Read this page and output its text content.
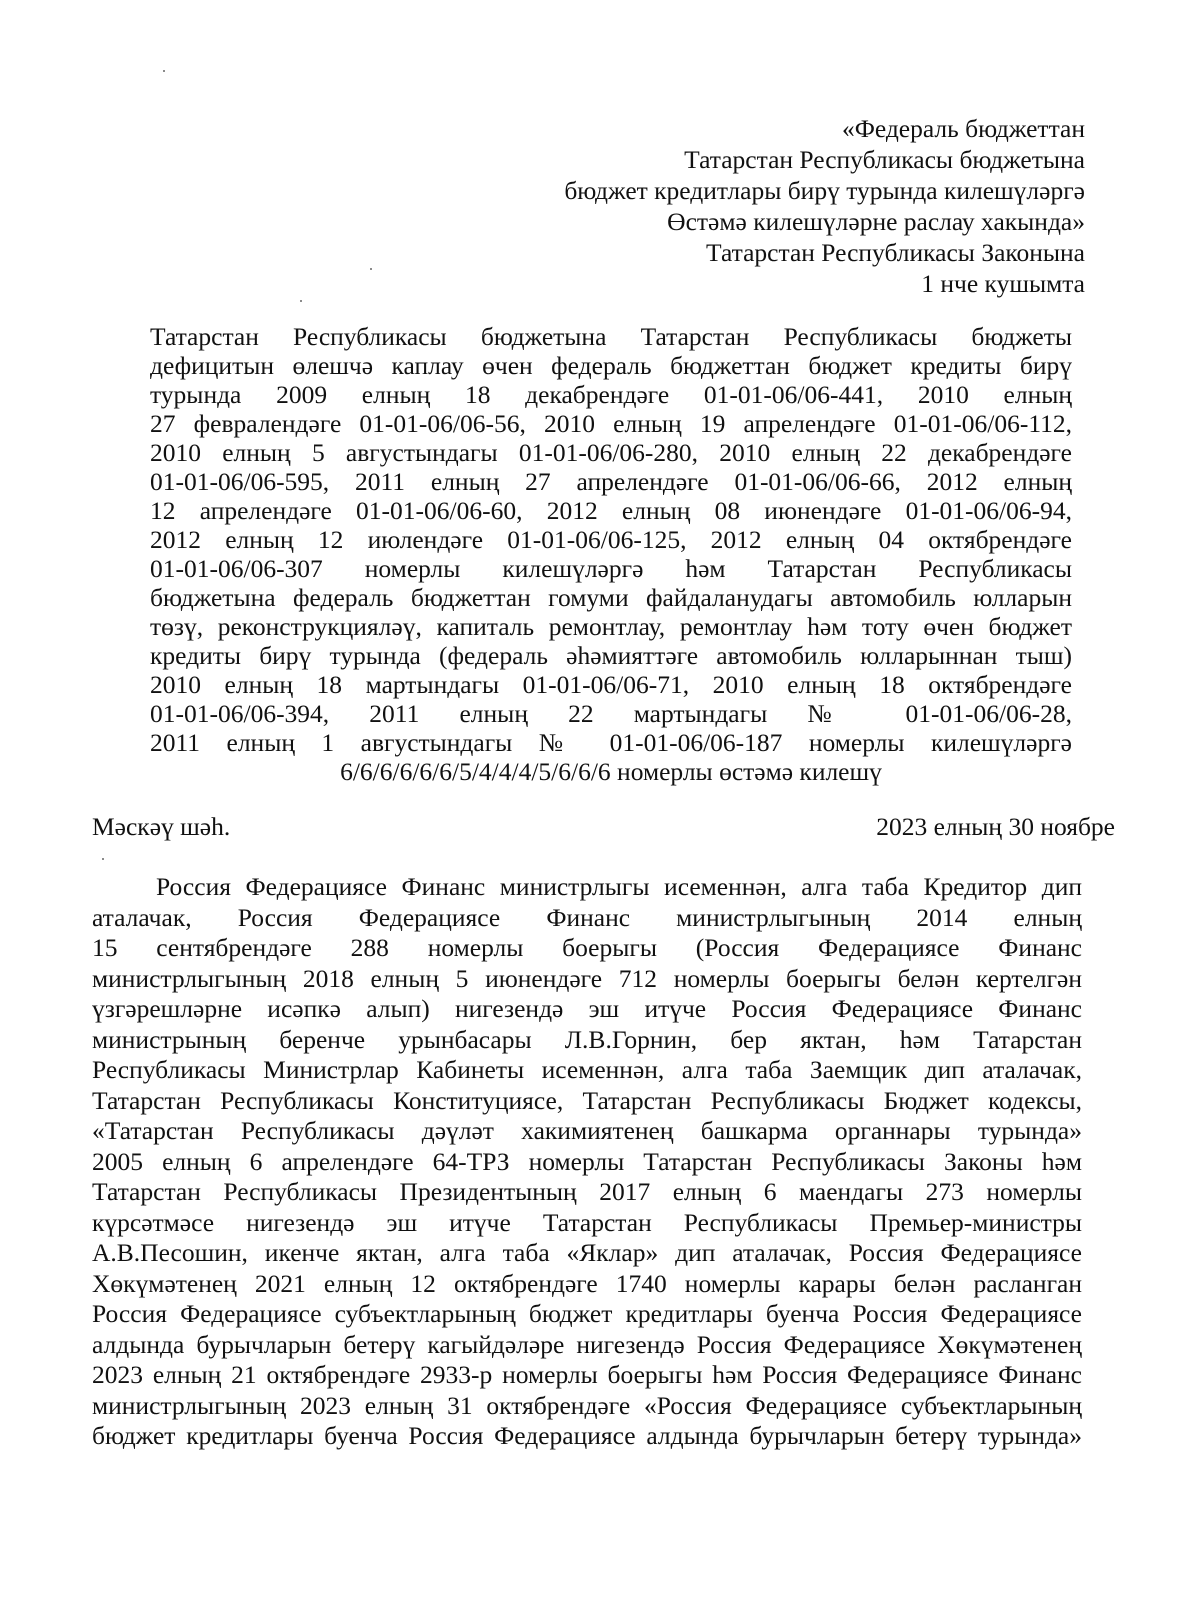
«Федераль бюджеттан
Татарстан Республикасы бюджетына
бюджет кредитлары бирү турында килешүләргә
Өстәмә килешүләрне раслау хакында»
Татарстан Республикасы Законына
1 нче кушымта
Татарстан Республикасы бюджетына Татарстан Республикасы бюджеты
дефицитын өлешчә каплау өчен федераль бюджеттан бюджет кредиты бирү
турында 2009 елның 18 декабрендәге 01-01-06/06-441, 2010 елның
27 февралендәге 01-01-06/06-56, 2010 елның 19 апрелендәге 01-01-06/06-112,
2010 елның 5 августындагы 01-01-06/06-280, 2010 елның 22 декабрендәге
01-01-06/06-595, 2011 елның 27 апрелендәге 01-01-06/06-66, 2012 елның
12 апрелендәге 01-01-06/06-60, 2012 елның 08 июнендәге 01-01-06/06-94,
2012 елның 12 июлендәге 01-01-06/06-125, 2012 елның 04 октябрендәге
01-01-06/06-307 номерлы килешүләргә һәм Татарстан Республикасы
бюджетына федераль бюджеттан гомуми файдаланудагы автомобиль юлларын
төзү, реконструкцияләү, капиталь ремонтлау, ремонтлау һәм тоту өчен бюджет
кредиты бирү турында (федераль әһәмияттәге автомобиль юлларыннан тыш)
2010 елның 18 мартындагы 01-01-06/06-71, 2010 елның 18 октябрендәге
01-01-06/06-394, 2011 елның 22 мартындагы № 01-01-06/06-28,
2011 елның 1 августындагы № 01-01-06/06-187 номерлы килешүләргә
6/6/6/6/6/6/5/4/4/4/5/6/6/6 номерлы өстәмә килешү
Мәскәү шәһ.	2023 елның 30 ноябре
Россия Федерациясе Финанс министрлыгы исеменнән, алга таба Кредитор дип
аталачак, Россия Федерациясе Финанс министрлыгының 2014 елның
15 сентябрендәге 288 номерлы боерыгы (Россия Федерациясе Финанс
министрлыгының 2018 елның 5 июнендәге 712 номерлы боерыгы белән кертелгән
үзгәрешләрне исәпкә алып) нигезендә эш итүче Россия Федерациясе Финанс
министрының беренче урынбасары Л.В.Горнин, бер яктан, һәм Татарстан
Республикасы Министрлар Кабинеты исеменнән, алга таба Заемщик дип аталачак,
Татарстан Республикасы Конституциясе, Татарстан Республикасы Бюджет кодексы,
«Татарстан Республикасы дәүләт хакимиятенең башкарма органнары турында»
2005 елның 6 апрелендәге 64-ТРЗ номерлы Татарстан Республикасы Законы һәм
Татарстан Республикасы Президентының 2017 елның 6 маендагы 273 номерлы
күрсәтмәсе нигезендә эш итүче Татарстан Республикасы Премьер-министры
А.В.Песошин, икенче яктан, алга таба «Яклар» дип аталачак, Россия Федерациясе
Хөкүмәтенең 2021 елның 12 октябрендәге 1740 номерлы карары белән расланган
Россия Федерациясе субъектларының бюджет кредитлары буенча Россия Федерациясе
алдында бурычларын бетерү кагыйдәләре нигезендә Россия Федерациясе Хөкүмәтенең
2023 елның 21 октябрендәге 2933-р номерлы боерыгы һәм Россия Федерациясе Финанс
министрлыгының 2023 елның 31 октябрендәге «Россия Федерациясе субъектларының
бюджет кредитлары буенча Россия Федерациясе алдында бурычларын бетерү турында»
